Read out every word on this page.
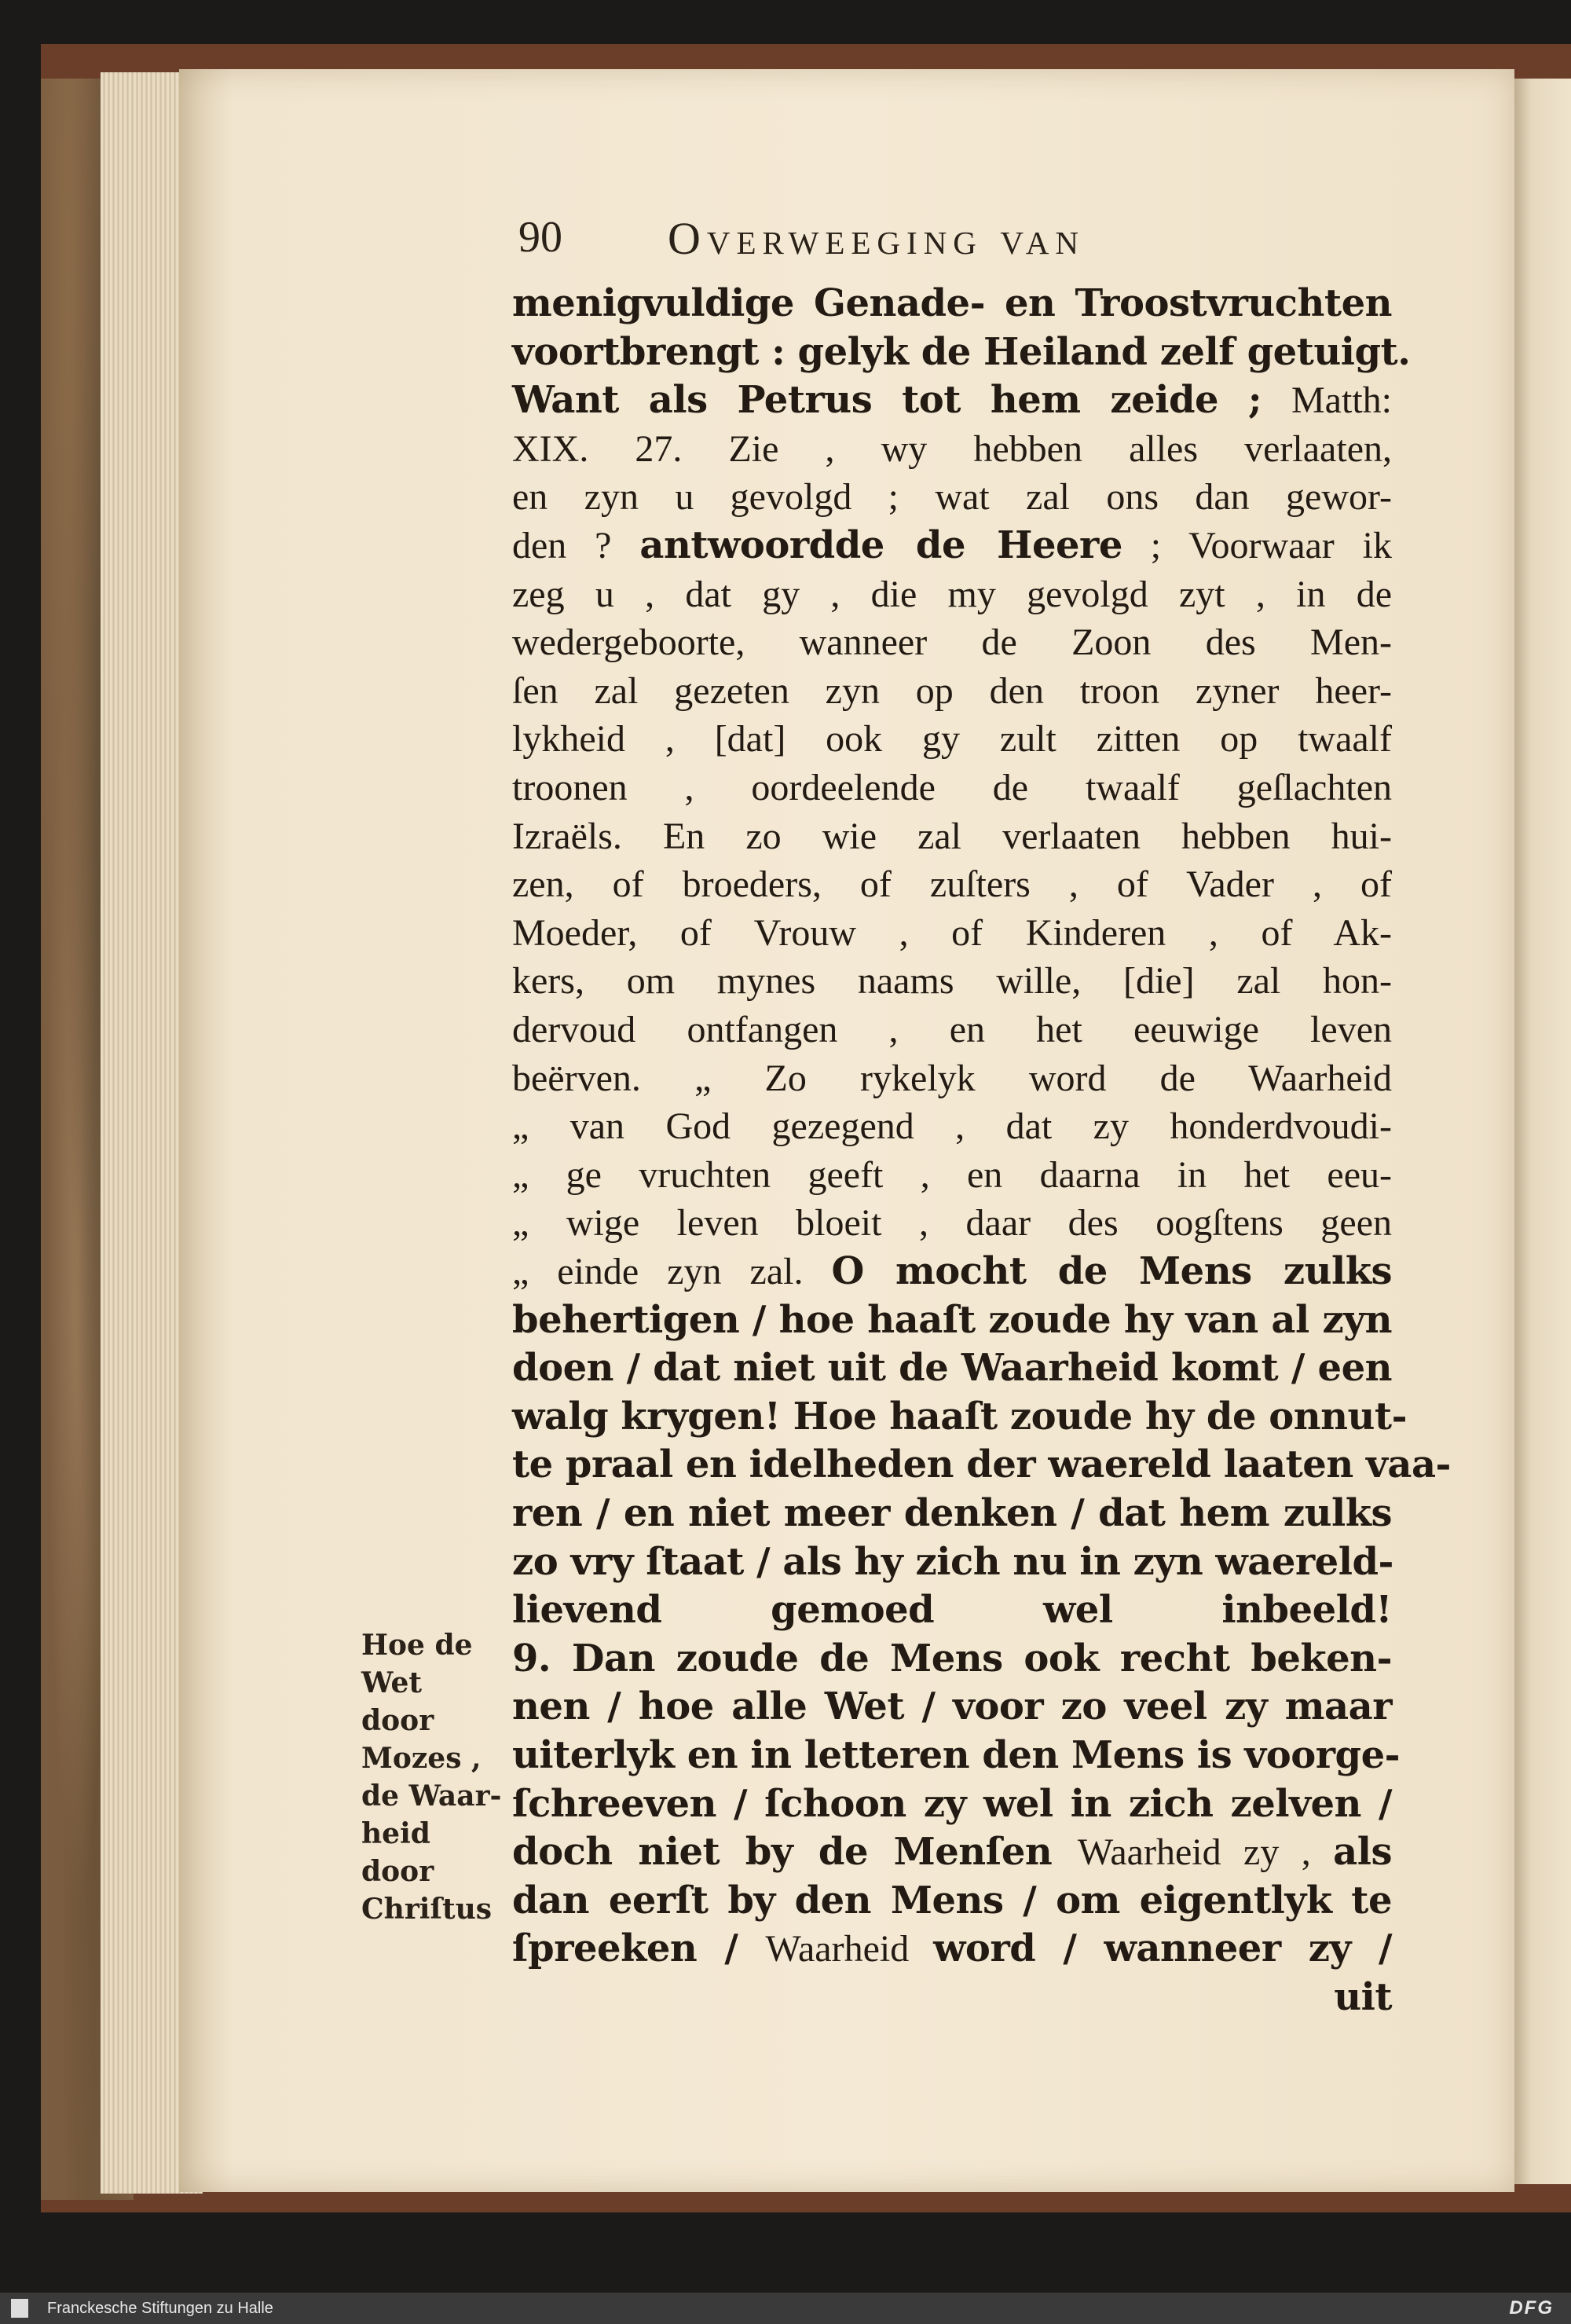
90 Overweeging van
menigvuldige Genade- en Troostvruchten
voortbrengt : gelyk de Heiland zelf getuigt.
Want als Petrus tot hem zeide ; Matth:
XIX. 27. Zie , wy hebben alles verlaaten,
en zyn u gevolgd ; wat zal ons dan gewor-
den ? antwoordde de Heere ; Voorwaar ik
zeg u , dat gy , die my gevolgd zyt , in de
wedergeboorte, wanneer de Zoon des Men-
ſen zal gezeten zyn op den troon zyner heer-
lykheid , [dat] ook gy zult zitten op twaalf
troonen , oordeelende de twaalf geſlachten
Izraëls. En zo wie zal verlaaten hebben hui-
zen, of broeders, of zuſters , of Vader , of
Moeder, of Vrouw , of Kinderen , of Ak-
kers, om mynes naams wille, [die] zal hon-
dervoud ontfangen , en het eeuwige leven
beërven. „ Zo rykelyk word de Waarheid
„ van God gezegend , dat zy honderdvoudi-
„ ge vruchten geeft , en daarna in het eeu-
„ wige leven bloeit , daar des oogſtens geen
„ einde zyn zal. O mocht de Mens zulks
behertigen / hoe haaſt zoude hy van al zyn
doen / dat niet uit de Waarheid komt / een
walg krygen! Hoe haaſt zoude hy de onnut-
te praal en idelheden der waereld laaten vaa-
ren / en niet meer denken / dat hem zulks
zo vry ſtaat / als hy zich nu in zyn waereld-
lievend gemoed wel inbeeld!
9. Dan zoude de Mens ook recht beken-
nen / hoe alle Wet / voor zo veel zy maar
uiterlyk en in letteren den Mens is voorge-
ſchreeven / ſchoon zy wel in zich zelven /
doch niet by de Menſen Waarheid zy , als
dan eerſt by den Mens / om eigentlyk te
ſpreeken / Waarheid word / wanneer zy /
uit
Hoe de
Wet
door
Mozes ,
de Waar-
heid
door
Chriſtus
Franckesche Stiftungen zu Halle	DFG
